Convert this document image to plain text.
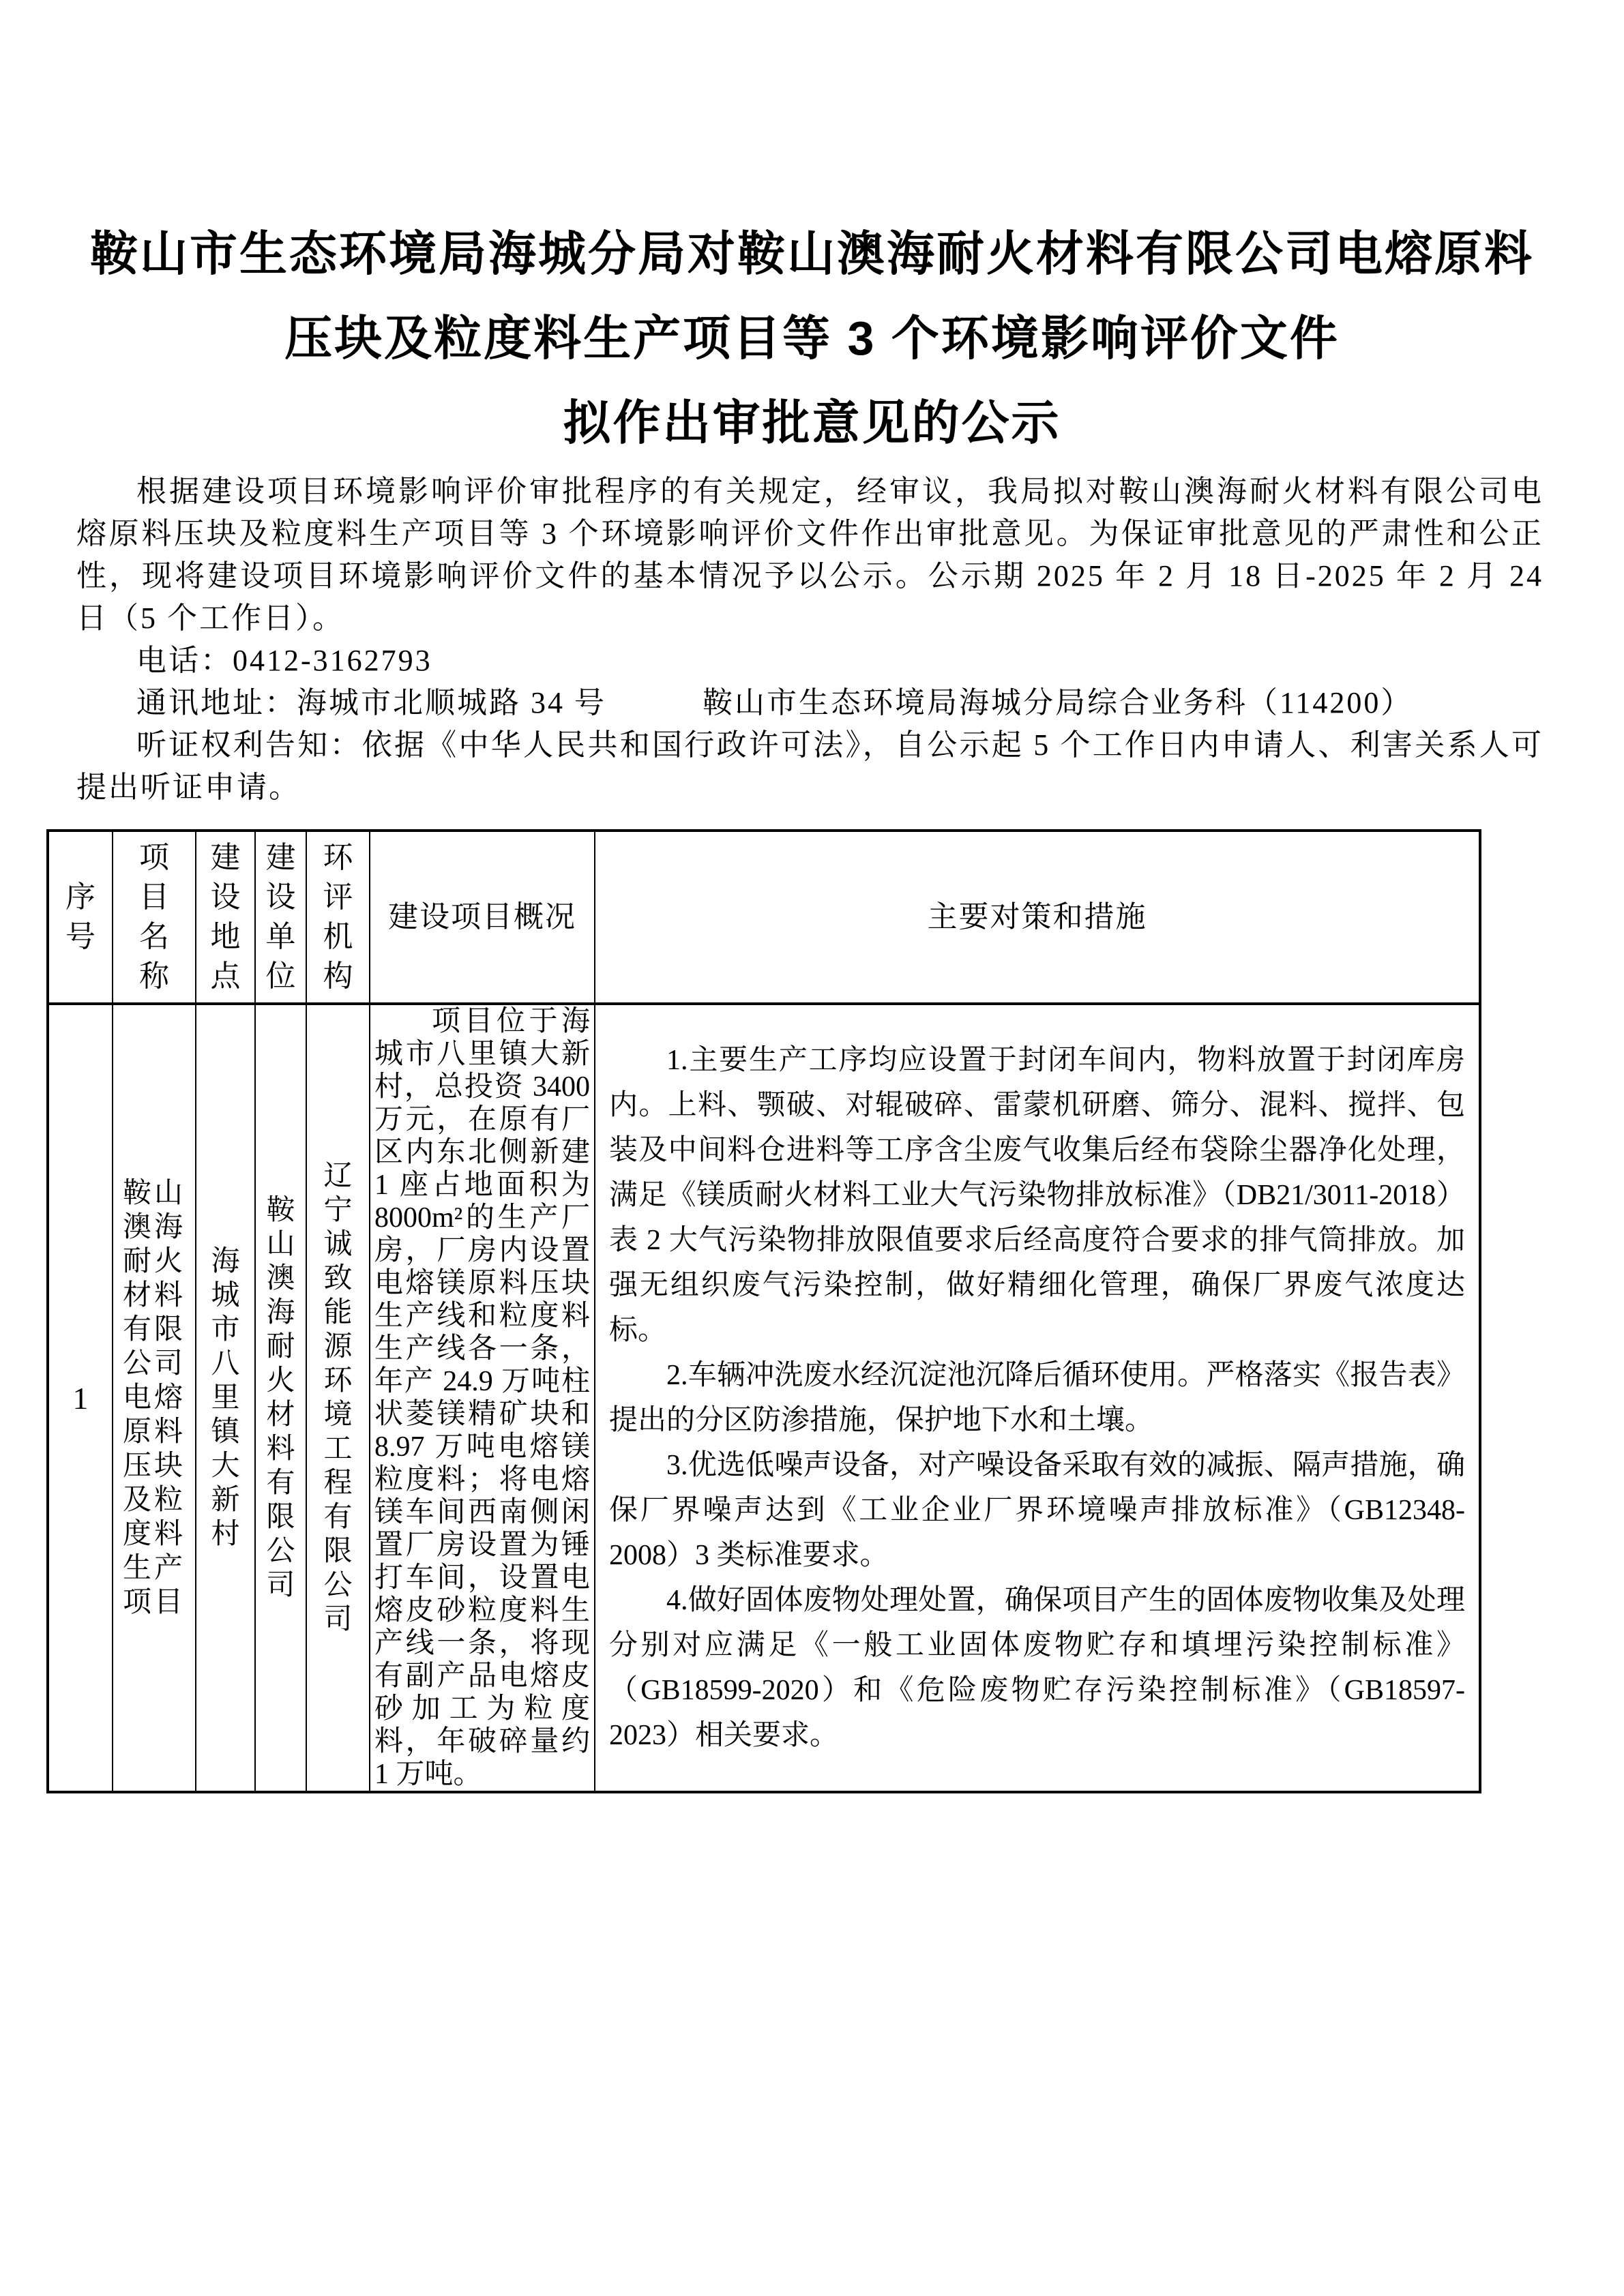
鞍山市生态环境局海城分局对鞍山澳海耐火材料有限公司电熔原料
压块及粒度料生产项目等 3 个环境影响评价文件
拟作出审批意见的公示

根据建设项目环境影响评价审批程序的有关规定，经审议，我局拟对鞍山澳海耐火材料有限公司电熔原料压块及粒度料生产项目等 3 个环境影响评价文件作出审批意见。为保证审批意见的严肃性和公正性，现将建设项目环境影响评价文件的基本情况予以公示。公示期 2025 年 2 月 18 日-2025 年 2 月 24 日（5 个工作日）。

电话：0412-3162793

通讯地址：海城市北顺城路 34 号　　　鞍山市生态环境局海城分局综合业务科（114200）

听证权利告知：依据《中华人民共和国行政许可法》，自公示起 5 个工作日内申请人、利害关系人可提出听证申请。

序号	项目名称	建设地点	建设单位	环评机构	建设项目概况	主要对策和措施
1	鞍山澳海耐火材料有限公司电熔原料压块及粒度料生产项目	海城市八里镇大新村	鞍山澳海耐火材料有限公司	辽宁诚致能源环境工程有限公司	项目位于海城市八里镇大新村，总投资 3400 万元，在原有厂区内东北侧新建 1 座占地面积为 8000m²的生产厂房，厂房内设置电熔镁原料压块生产线和粒度料生产线各一条，年产 24.9 万吨柱状菱镁精矿块和 8.97 万吨电熔镁粒度料；将电熔镁车间西南侧闲置厂房设置为锤打车间，设置电熔皮砂粒度料生产线一条，将现有副产品电熔皮砂加工为粒度料，年破碎量约 1 万吨。	1.主要生产工序均应设置于封闭车间内，物料放置于封闭库房内。上料、颚破、对辊破碎、雷蒙机研磨、筛分、混料、搅拌、包装及中间料仓进料等工序含尘废气收集后经布袋除尘器净化处理，满足《镁质耐火材料工业大气污染物排放标准》（DB21/3011-2018）表 2 大气污染物排放限值要求后经高度符合要求的排气筒排放。加强无组织废气污染控制，做好精细化管理，确保厂界废气浓度达标。

2.车辆冲洗废水经沉淀池沉降后循环使用。严格落实《报告表》提出的分区防渗措施，保护地下水和土壤。

3.优选低噪声设备，对产噪设备采取有效的减振、隔声措施，确保厂界噪声达到《工业企业厂界环境噪声排放标准》（GB12348-2008）3 类标准要求。

4.做好固体废物处理处置，确保项目产生的固体废物收集及处理分别对应满足《一般工业固体废物贮存和填埋污染控制标准》（GB18599-2020）和《危险废物贮存污染控制标准》（GB18597-2023）相关要求。
